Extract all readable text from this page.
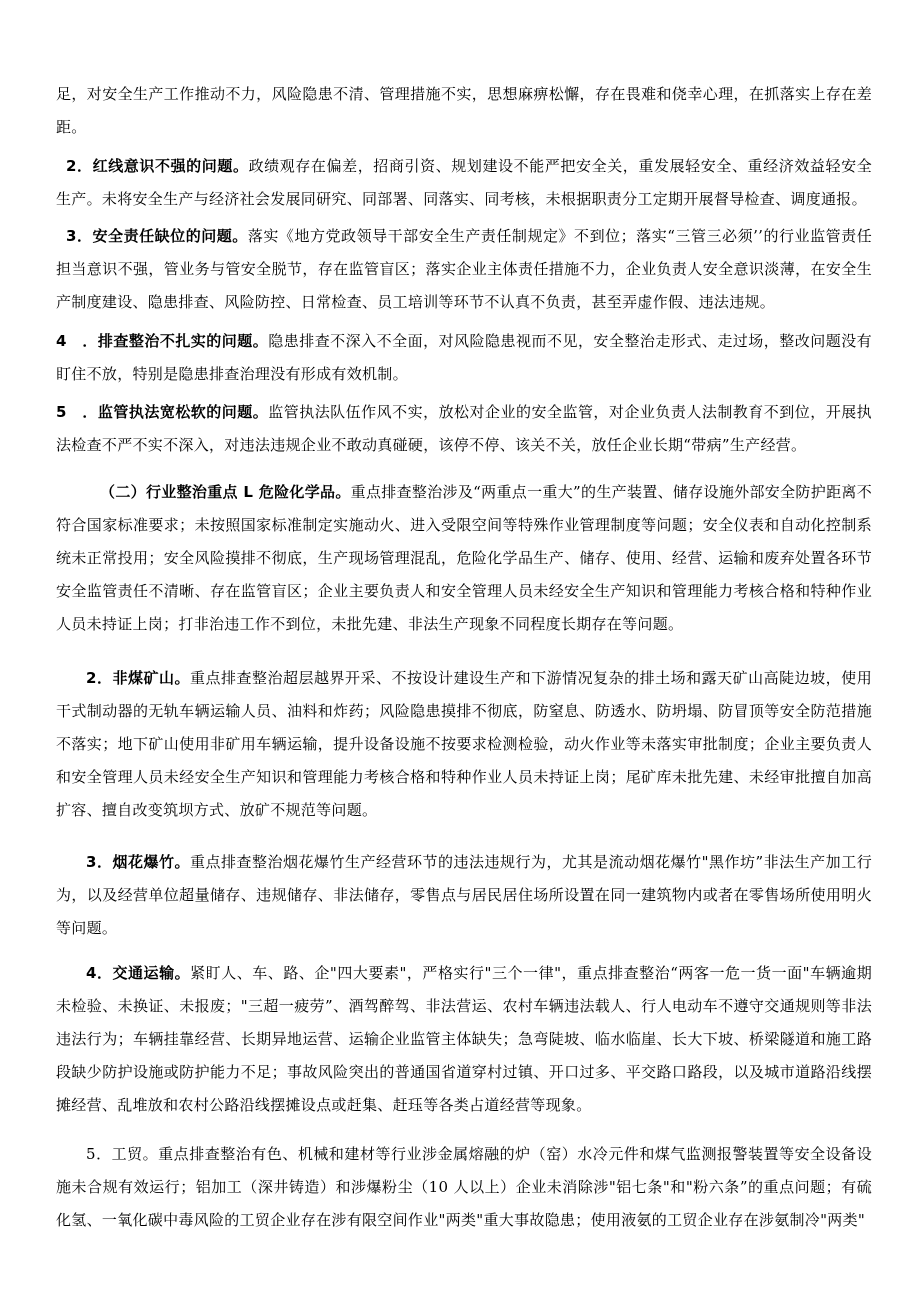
足，对安全生产工作推动不力，风险隐患不清、管理措施不实，思想麻痹松懈，存在畏难和侥幸心理，在抓落实上存在差距。

2．红线意识不强的问题。政绩观存在偏差，招商引资、规划建设不能严把安全关，重发展轻安全、重经济效益轻安全生产。未将安全生产与经济社会发展同研究、同部署、同落实、同考核，未根据职责分工定期开展督导检查、调度通报。

3．安全责任缺位的问题。落实《地方党政领导干部安全生产责任制规定》不到位；落实“三管三必须’’的行业监管责任担当意识不强，管业务与管安全脱节，存在监管盲区；落实企业主体责任措施不力，企业负责人安全意识淡薄，在安全生产制度建设、隐患排查、风险防控、日常检查、员工培训等环节不认真不负责，甚至弄虚作假、违法违规。

4　．排查整治不扎实的问题。隐患排查不深入不全面，对风险隐患视而不见，安全整治走形式、走过场，整改问题没有盯住不放，特别是隐患排查治理没有形成有效机制。

5　．监管执法宽松软的问题。监管执法队伍作风不实，放松对企业的安全监管，对企业负责人法制教育不到位，开展执法检查不严不实不深入，对违法违规企业不敢动真碰硬，该停不停、该关不关，放任企业长期“带病”生产经营。

（二）行业整治重点 L 危险化学品。重点排查整治涉及“两重点一重大”的生产装置、储存设施外部安全防护距离不符合国家标准要求；未按照国家标准制定实施动火、进入受限空间等特殊作业管理制度等问题；安全仪表和自动化控制系统未正常投用；安全风险摸排不彻底，生产现场管理混乱，危险化学品生产、储存、使用、经营、运输和废弃处置各环节安全监管责任不清晰、存在监管盲区；企业主要负责人和安全管理人员未经安全生产知识和管理能力考核合格和特种作业人员未持证上岗；打非治违工作不到位，未批先建、非法生产现象不同程度长期存在等问题。

2．非煤矿山。重点排查整治超层越界开采、不按设计建设生产和下游情况复杂的排土场和露天矿山高陡边坡，使用干式制动器的无轨车辆运输人员、油料和炸药；风险隐患摸排不彻底，防窒息、防透水、防坍塌、防冒顶等安全防范措施不落实；地下矿山使用非矿用车辆运输，提升设备设施不按要求检测检验，动火作业等未落实审批制度；企业主要负责人和安全管理人员未经安全生产知识和管理能力考核合格和特种作业人员未持证上岗；尾矿库未批先建、未经审批擅自加高扩容、擅自改变筑坝方式、放矿不规范等问题。

3．烟花爆竹。重点排查整治烟花爆竹生产经营环节的违法违规行为，尤其是流动烟花爆竹"黑作坊”非法生产加工行为，以及经营单位超量储存、违规储存、非法储存，零售点与居民居住场所设置在同一建筑物内或者在零售场所使用明火等问题。

4．交通运输。紧盯人、车、路、企"四大要素"，严格实行"三个一律"，重点排查整治“两客一危一货一面"车辆逾期未检验、未换证、未报废；"三超一疲劳”、酒驾醉驾、非法营运、农村车辆违法载人、行人电动车不遵守交通规则等非法违法行为；车辆挂靠经营、长期异地运营、运输企业监管主体缺失；急弯陡坡、临水临崖、长大下坡、桥梁隧道和施工路段缺少防护设施或防护能力不足；事故风险突出的普通国省道穿村过镇、开口过多、平交路口路段，以及城市道路沿线摆摊经营、乱堆放和农村公路沿线摆摊设点或赶集、赶珏等各类占道经营等现象。

5．工贸。重点排查整治有色、机械和建材等行业涉金属熔融的炉（窑）水冷元件和煤气监测报警装置等安全设备设施未合规有效运行；铝加工（深井铸造）和涉爆粉尘（10 人以上）企业未消除涉"铝七条"和"粉六条”的重点问题；有硫化氢、一氧化碳中毒风险的工贸企业存在涉有限空间作业"两类"重大事故隐患；使用液氨的工贸企业存在涉氨制冷"两类"
